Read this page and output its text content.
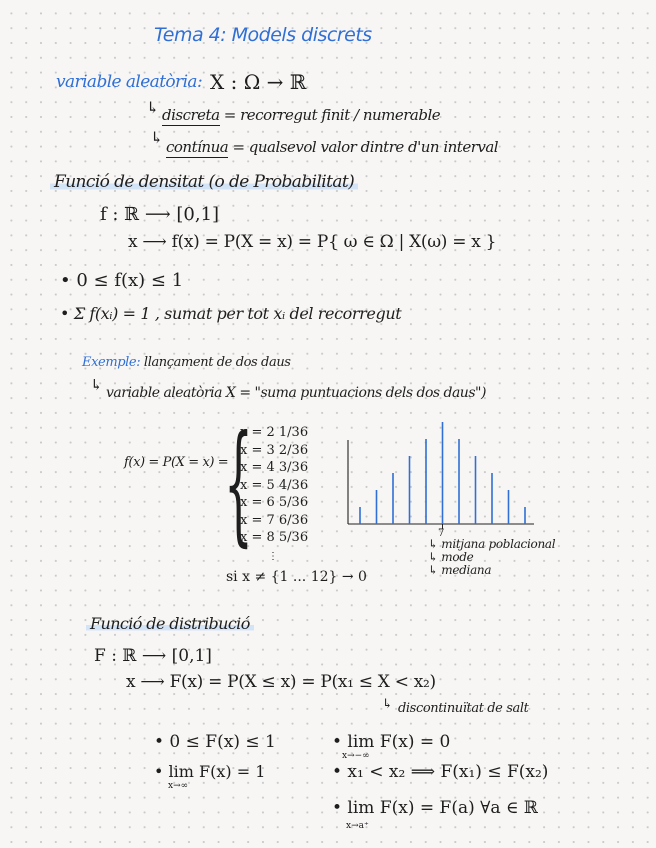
Tema 4: Models discrets
variable aleatòria: X : Ω → ℝ
↳ discreta = recorregut finit / numerable
↳ contínua = qualsevol valor dintre d'un interval
Funció de densitat (o de Probabilitat)
f : ℝ ⟶ [0,1]
x ⟶ f(x) = P(X = x) = P{ ω ∈ Ω | X(ω) = x }
• 0 ≤ f(x) ≤ 1
• Σ f(xᵢ) = 1 , sumat per tot xᵢ del recorregut
Exemple: llançament de dos daus
↳ variable aleatòria X = "suma puntuacions dels dos daus")
f(x) = P(X = x) =
{
x = 2 1/36
x = 3 2/36
x = 4 3/36
x = 5 4/36
x = 6 5/36
x = 7 6/36
x = 8 5/36
⋮
si x ≠ {1 ... 12} → 0
7
↳ mitjana poblacional
↳ mode
↳ mediana
Funció de distribució
F : ℝ ⟶ [0,1]
x ⟶ F(x) = P(X ≤ x) = P(x₁ ≤ X < x₂)
↳ discontinuïtat de salt
• 0 ≤ F(x) ≤ 1
• lim F(x) = 1
x→∞
• lim F(x) = 0
x→−∞
• x₁ < x₂ ⟹ F(x₁) ≤ F(x₂)
• lim F(x) = F(a) ∀a ∈ ℝ
x→a⁺
